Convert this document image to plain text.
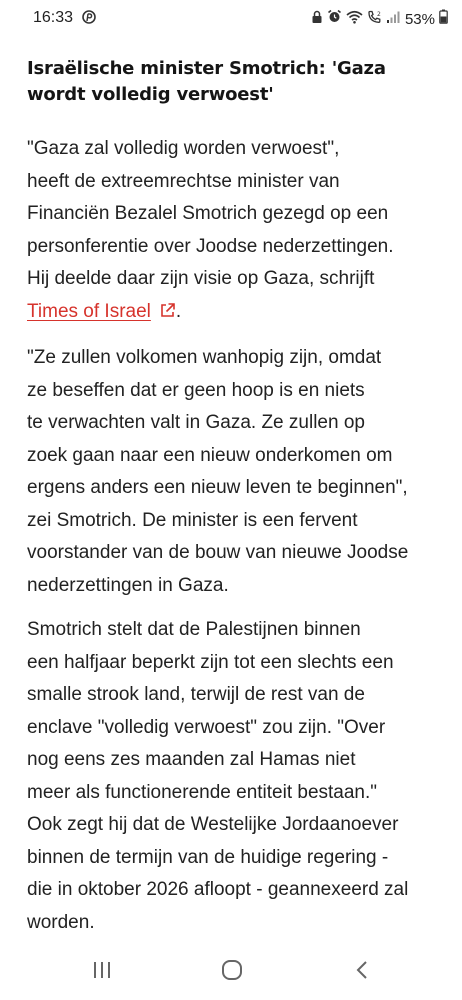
16:33	2 53%
Israëlische minister Smotrich: 'Gaza
wordt volledig verwoest'

"Gaza zal volledig worden verwoest",
heeft de extreemrechtse minister van
Financiën Bezalel Smotrich gezegd op een
personferentie over Joodse nederzettingen.
Hij deelde daar zijn visie op Gaza, schrijft
Times of Israel .

"Ze zullen volkomen wanhopig zijn, omdat
ze beseffen dat er geen hoop is en niets
te verwachten valt in Gaza. Ze zullen op
zoek gaan naar een nieuw onderkomen om
ergens anders een nieuw leven te beginnen",
zei Smotrich. De minister is een fervent
voorstander van de bouw van nieuwe Joodse
nederzettingen in Gaza.

Smotrich stelt dat de Palestijnen binnen
een halfjaar beperkt zijn tot een slechts een
smalle strook land, terwijl de rest van de
enclave "volledig verwoest" zou zijn. "Over
nog eens zes maanden zal Hamas niet
meer als functionerende entiteit bestaan."
Ook zegt hij dat de Westelijke Jordaanoever
binnen de termijn van de huidige regering -
die in oktober 2026 afloopt - geannexeerd zal
worden.
